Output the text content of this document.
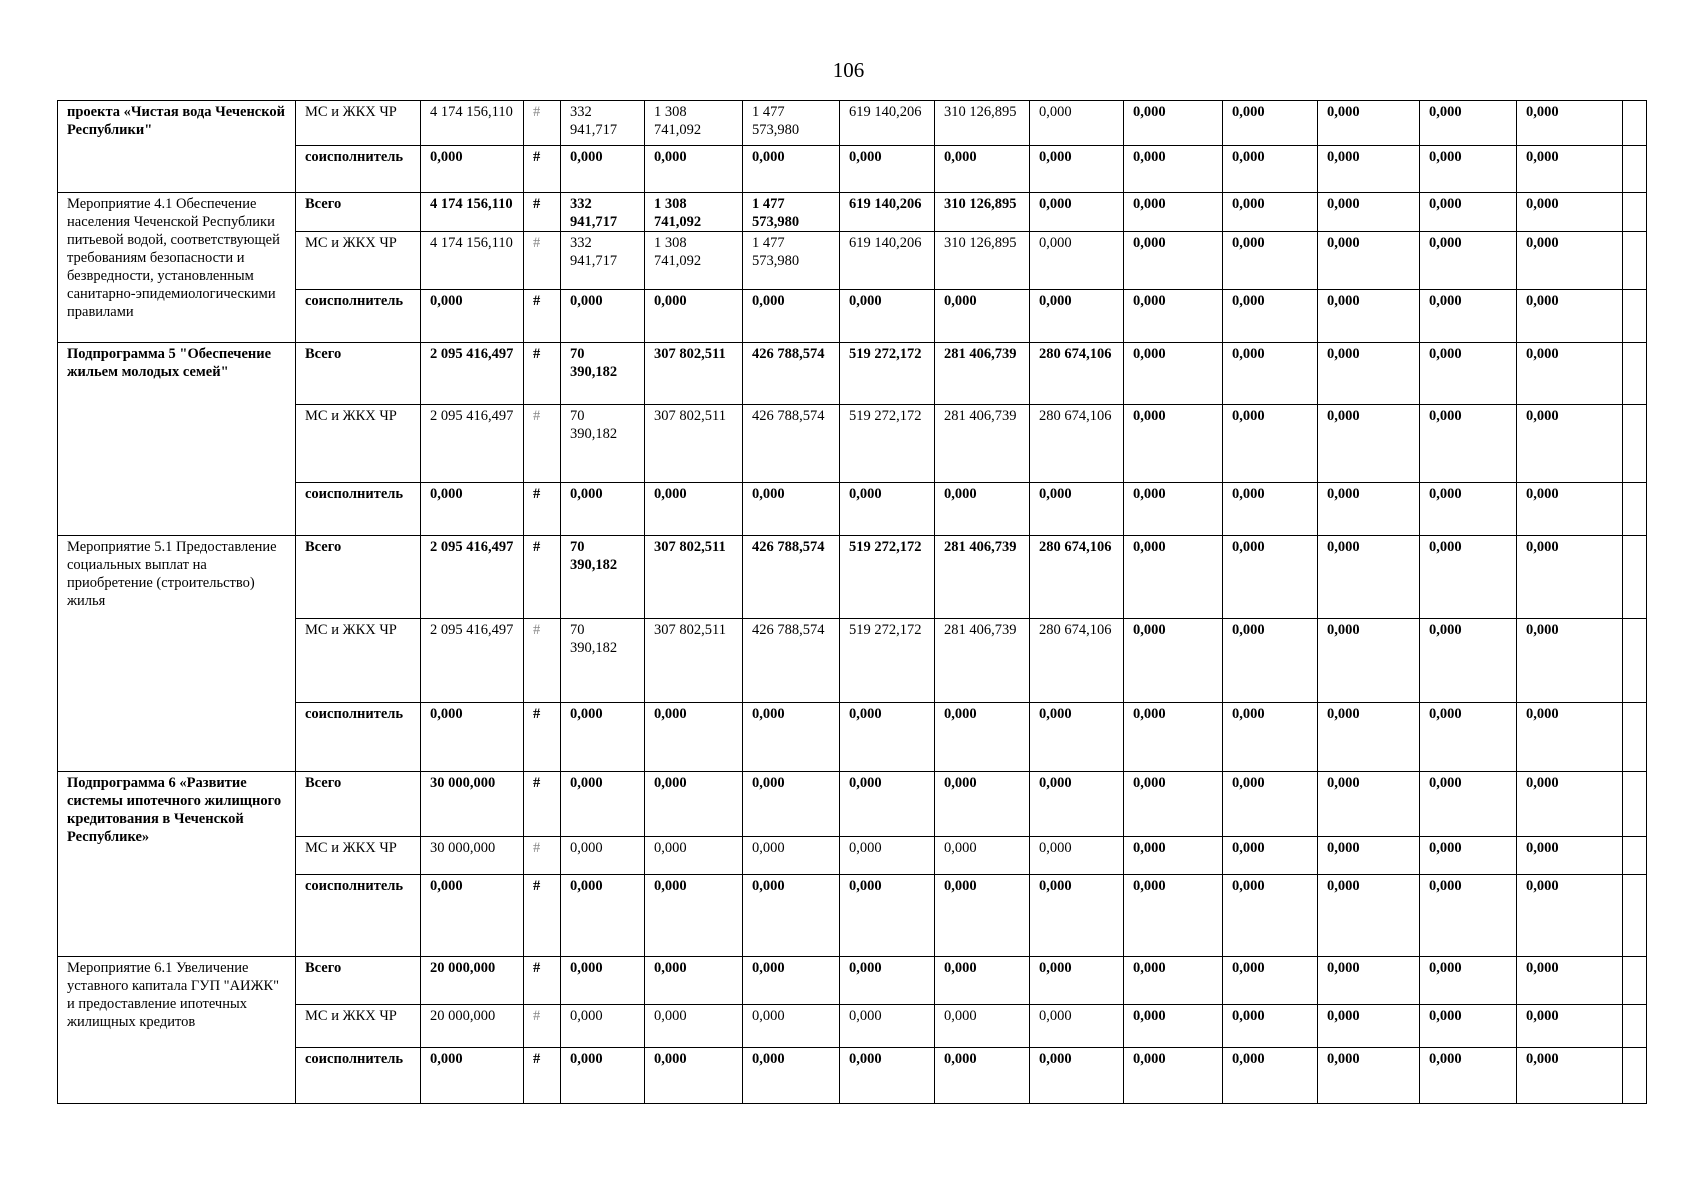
106
проекта «Чистая вода Чеченской Республики"	МС и ЖКХ ЧР	4 174 156,110	#	332 941,717	1 308 741,092	1 477 573,980	619 140,206	310 126,895	0,000	0,000	0,000	0,000	0,000	0,000	
	соисполнитель	0,000	#	0,000	0,000	0,000	0,000	0,000	0,000	0,000	0,000	0,000	0,000	0,000	
Мероприятие 4.1 Обеспечение населения Чеченской Республики питьевой водой, соответствующей требованиям безопасности и безвредности, установленным санитарно-эпидемиологическими правилами	Всего	4 174 156,110	#	332 941,717	1 308 741,092	1 477 573,980	619 140,206	310 126,895	0,000	0,000	0,000	0,000	0,000	0,000	
	МС и ЖКХ ЧР	4 174 156,110	#	332 941,717	1 308 741,092	1 477 573,980	619 140,206	310 126,895	0,000	0,000	0,000	0,000	0,000	0,000	
	соисполнитель	0,000	#	0,000	0,000	0,000	0,000	0,000	0,000	0,000	0,000	0,000	0,000	0,000	
Подпрограмма 5 "Обеспечение жильем молодых семей"	Всего	2 095 416,497	#	70 390,182	307 802,511	426 788,574	519 272,172	281 406,739	280 674,106	0,000	0,000	0,000	0,000	0,000	
	МС и ЖКХ ЧР	2 095 416,497	#	70 390,182	307 802,511	426 788,574	519 272,172	281 406,739	280 674,106	0,000	0,000	0,000	0,000	0,000	
	соисполнитель	0,000	#	0,000	0,000	0,000	0,000	0,000	0,000	0,000	0,000	0,000	0,000	0,000	
Мероприятие 5.1 Предоставление социальных выплат на приобретение (строительство) жилья	Всего	2 095 416,497	#	70 390,182	307 802,511	426 788,574	519 272,172	281 406,739	280 674,106	0,000	0,000	0,000	0,000	0,000	
	МС и ЖКХ ЧР	2 095 416,497	#	70 390,182	307 802,511	426 788,574	519 272,172	281 406,739	280 674,106	0,000	0,000	0,000	0,000	0,000	
	соисполнитель	0,000	#	0,000	0,000	0,000	0,000	0,000	0,000	0,000	0,000	0,000	0,000	0,000	
Подпрограмма 6 «Развитие системы ипотечного жилищного кредитования в Чеченской Республике»	Всего	30 000,000	#	0,000	0,000	0,000	0,000	0,000	0,000	0,000	0,000	0,000	0,000	0,000	
	МС и ЖКХ ЧР	30 000,000	#	0,000	0,000	0,000	0,000	0,000	0,000	0,000	0,000	0,000	0,000	0,000	
	соисполнитель	0,000	#	0,000	0,000	0,000	0,000	0,000	0,000	0,000	0,000	0,000	0,000	0,000	
Мероприятие 6.1 Увеличение уставного капитала ГУП "АИЖК" и предоставление ипотечных жилищных кредитов	Всего	20 000,000	#	0,000	0,000	0,000	0,000	0,000	0,000	0,000	0,000	0,000	0,000	0,000	
	МС и ЖКХ ЧР	20 000,000	#	0,000	0,000	0,000	0,000	0,000	0,000	0,000	0,000	0,000	0,000	0,000	
	соисполнитель	0,000	#	0,000	0,000	0,000	0,000	0,000	0,000	0,000	0,000	0,000	0,000	0,000	
